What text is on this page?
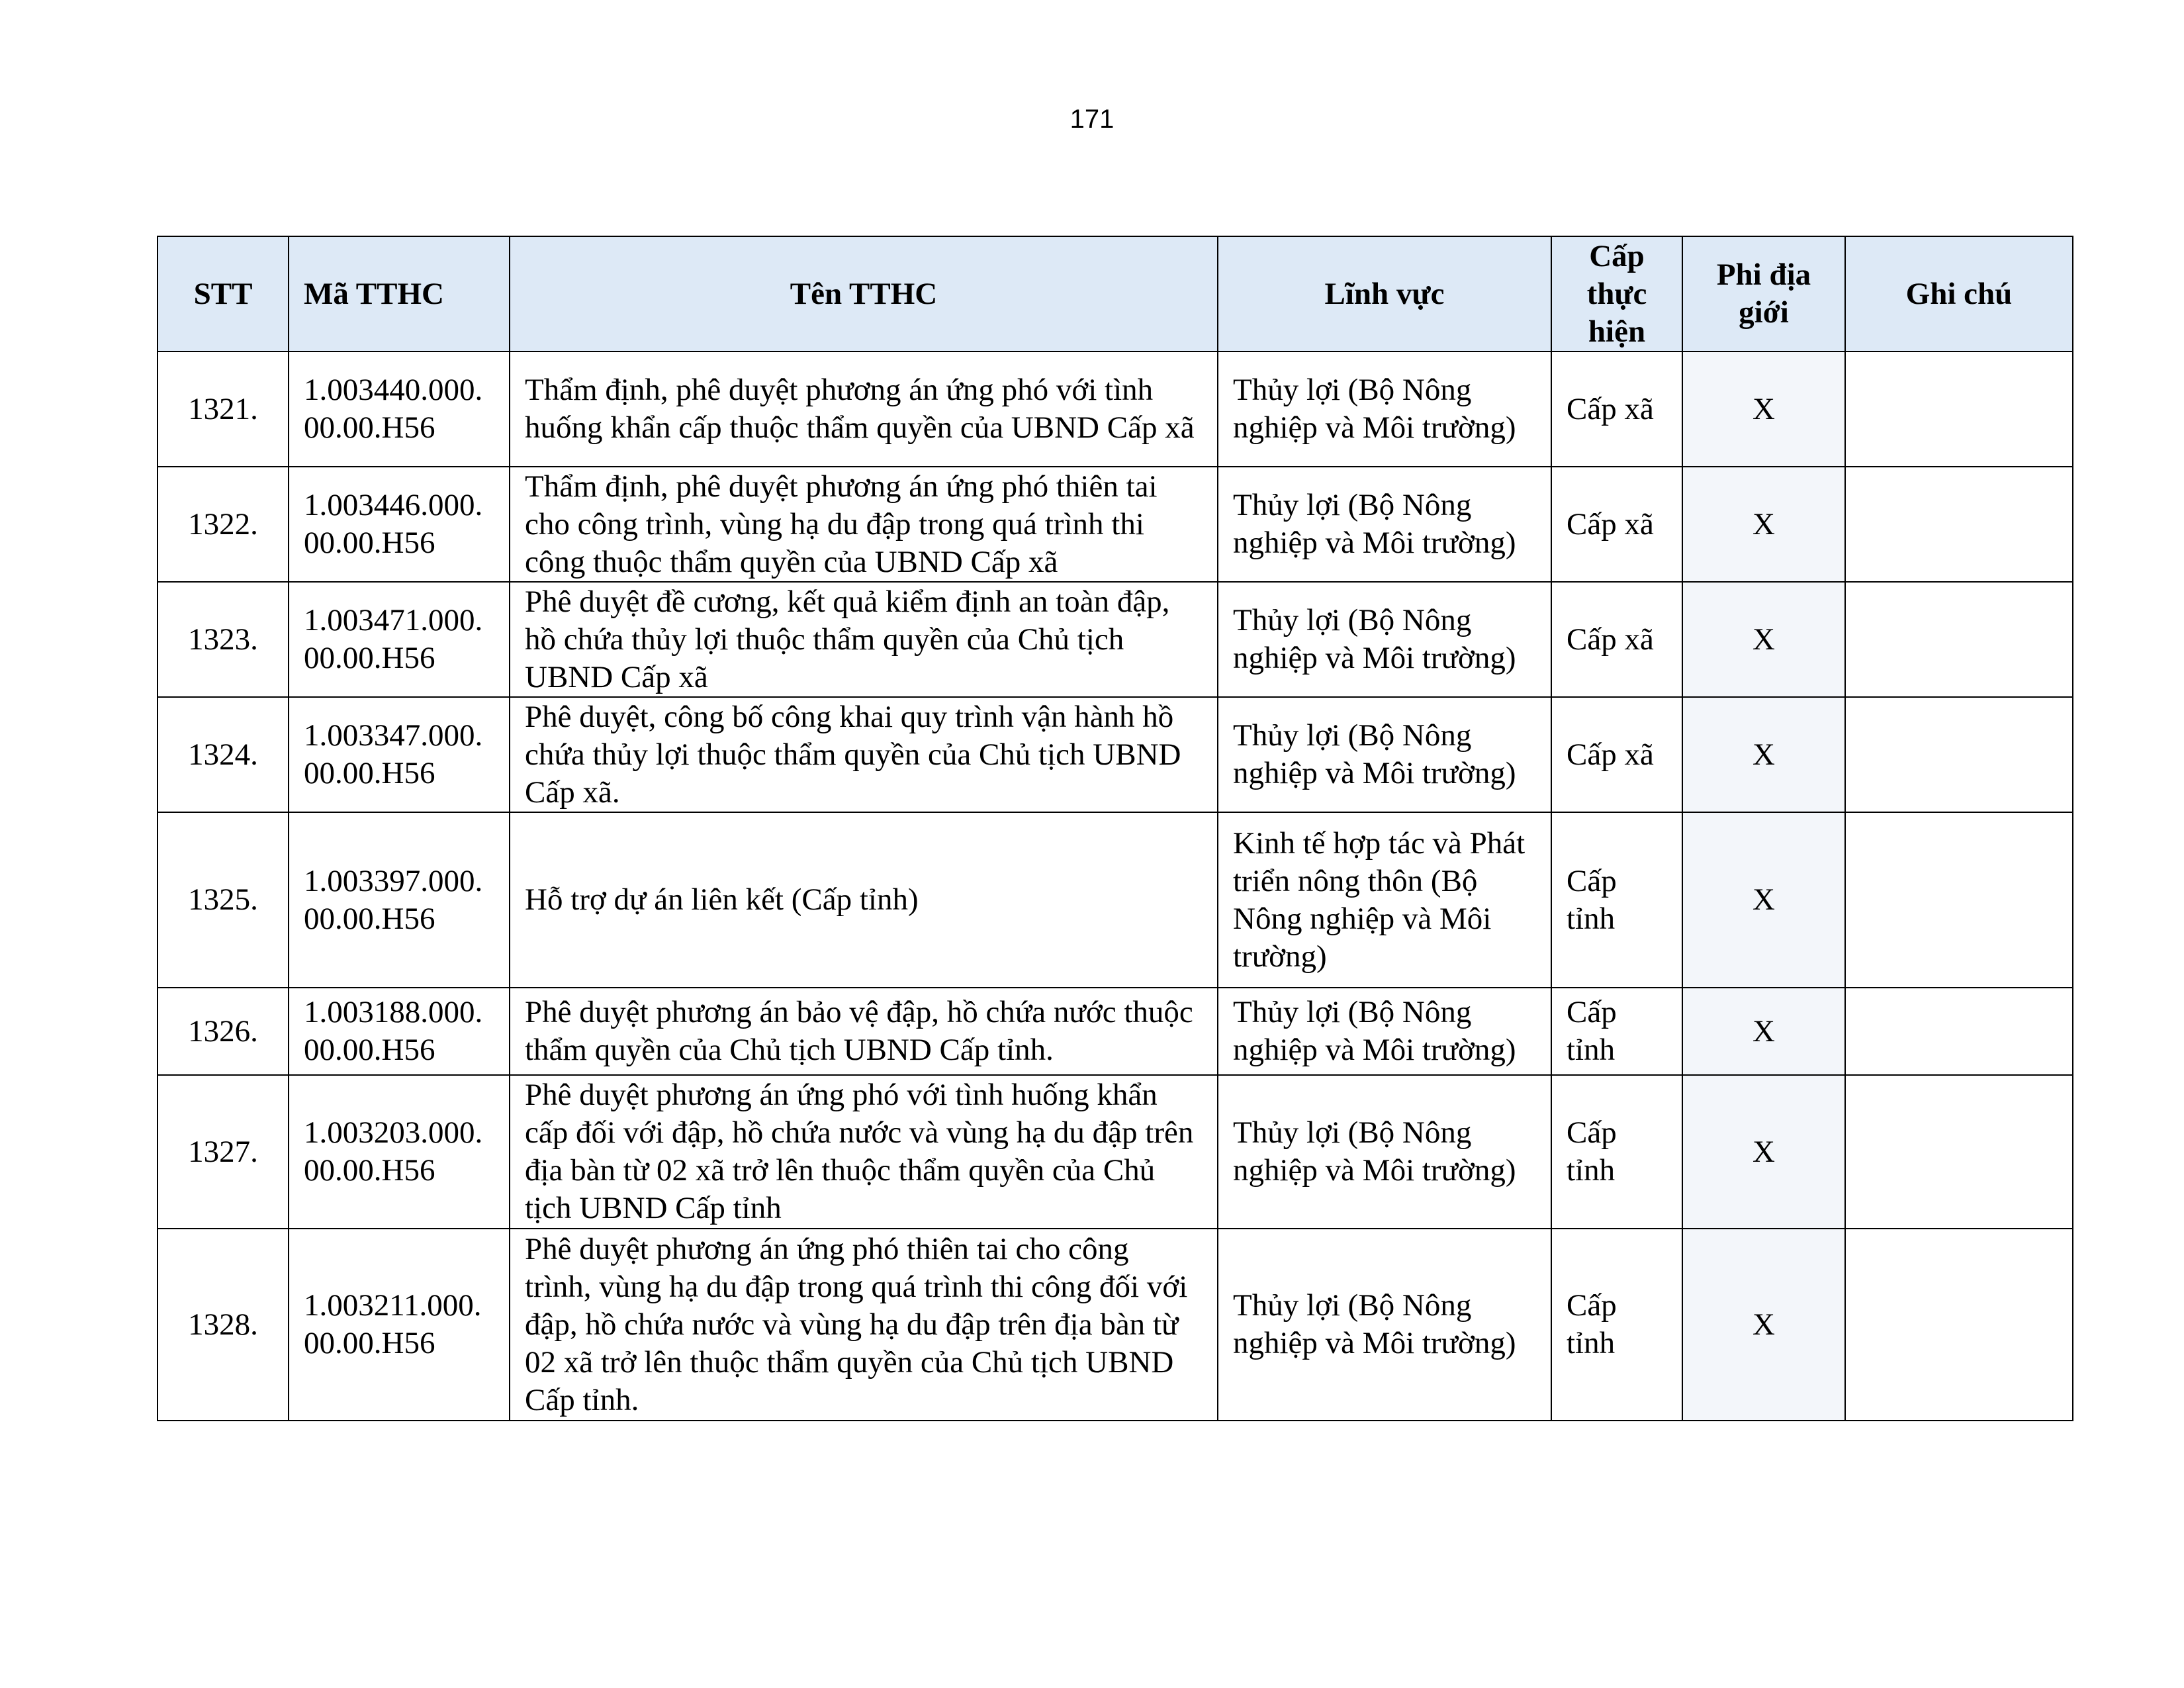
171
STT	Mã TTHC	Tên TTHC	Lĩnh vực	Cấp thực hiện	Phi địa giới	Ghi chú
1321.	1.003440.000. 00.00.H56	Thẩm định, phê duyệt phương án ứng phó với tình huống khẩn cấp thuộc thẩm quyền của UBND Cấp xã	Thủy lợi (Bộ Nông nghiệp và Môi trường)	Cấp xã	X	
1322.	1.003446.000. 00.00.H56	Thẩm định, phê duyệt phương án ứng phó thiên tai cho công trình, vùng hạ du đập trong quá trình thi công thuộc thẩm quyền của UBND Cấp xã	Thủy lợi (Bộ Nông nghiệp và Môi trường)	Cấp xã	X	
1323.	1.003471.000. 00.00.H56	Phê duyệt đề cương, kết quả kiểm định an toàn đập, hồ chứa thủy lợi thuộc thẩm quyền của Chủ tịch UBND Cấp xã	Thủy lợi (Bộ Nông nghiệp và Môi trường)	Cấp xã	X	
1324.	1.003347.000. 00.00.H56	Phê duyệt, công bố công khai quy trình vận hành hồ chứa thủy lợi thuộc thẩm quyền của Chủ tịch UBND Cấp xã.	Thủy lợi (Bộ Nông nghiệp và Môi trường)	Cấp xã	X	
1325.	1.003397.000. 00.00.H56	Hỗ trợ dự án liên kết (Cấp tỉnh)	Kinh tế hợp tác và Phát triển nông thôn (Bộ Nông nghiệp và Môi trường)	Cấp tỉnh	X	
1326.	1.003188.000. 00.00.H56	Phê duyệt phương án bảo vệ đập, hồ chứa nước thuộc thẩm quyền của Chủ tịch UBND Cấp tỉnh.	Thủy lợi (Bộ Nông nghiệp và Môi trường)	Cấp tỉnh	X	
1327.	1.003203.000. 00.00.H56	Phê duyệt phương án ứng phó với tình huống khẩn cấp đối với đập, hồ chứa nước và vùng hạ du đập trên địa bàn từ 02 xã trở lên thuộc thẩm quyền của Chủ tịch UBND Cấp tỉnh	Thủy lợi (Bộ Nông nghiệp và Môi trường)	Cấp tỉnh	X	
1328.	1.003211.000. 00.00.H56	Phê duyệt phương án ứng phó thiên tai cho công trình, vùng hạ du đập trong quá trình thi công đối với đập, hồ chứa nước và vùng hạ du đập trên địa bàn từ 02 xã trở lên thuộc thẩm quyền của Chủ tịch UBND Cấp tỉnh.	Thủy lợi (Bộ Nông nghiệp và Môi trường)	Cấp tỉnh	X	
